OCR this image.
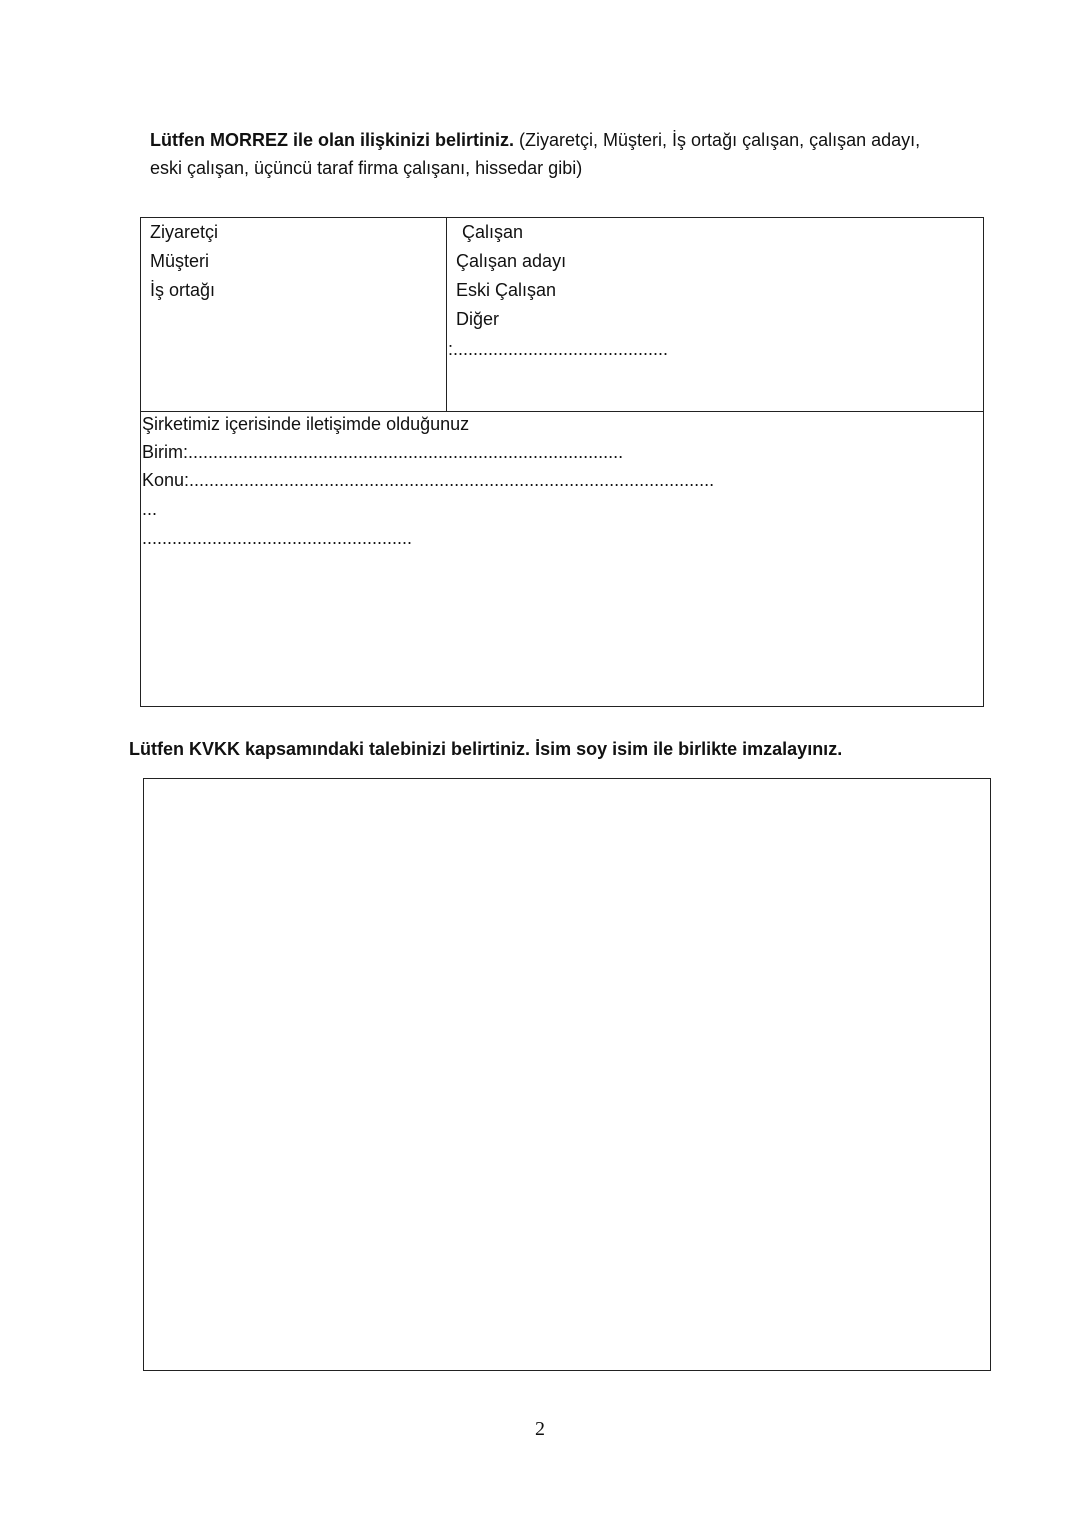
Lütfen MORREZ ile olan ilişkinizi belirtiniz. (Ziyaretçi, Müşteri, İş ortağı çalışan, çalışan adayı, eski çalışan, üçüncü taraf firma çalışanı, hissedar gibi)
Ziyaretçi
Müşteri
İş ortağı
Çalışan
Çalışan adayı
Eski Çalışan
Diğer
:...........................................
Şirketimiz içerisinde iletişimde olduğunuz
Birim:.......................................................................................
Konu:.........................................................................................................
...
......................................................
Lütfen KVKK kapsamındaki talebinizi belirtiniz. İsim soy isim ile birlikte imzalayınız.
2
